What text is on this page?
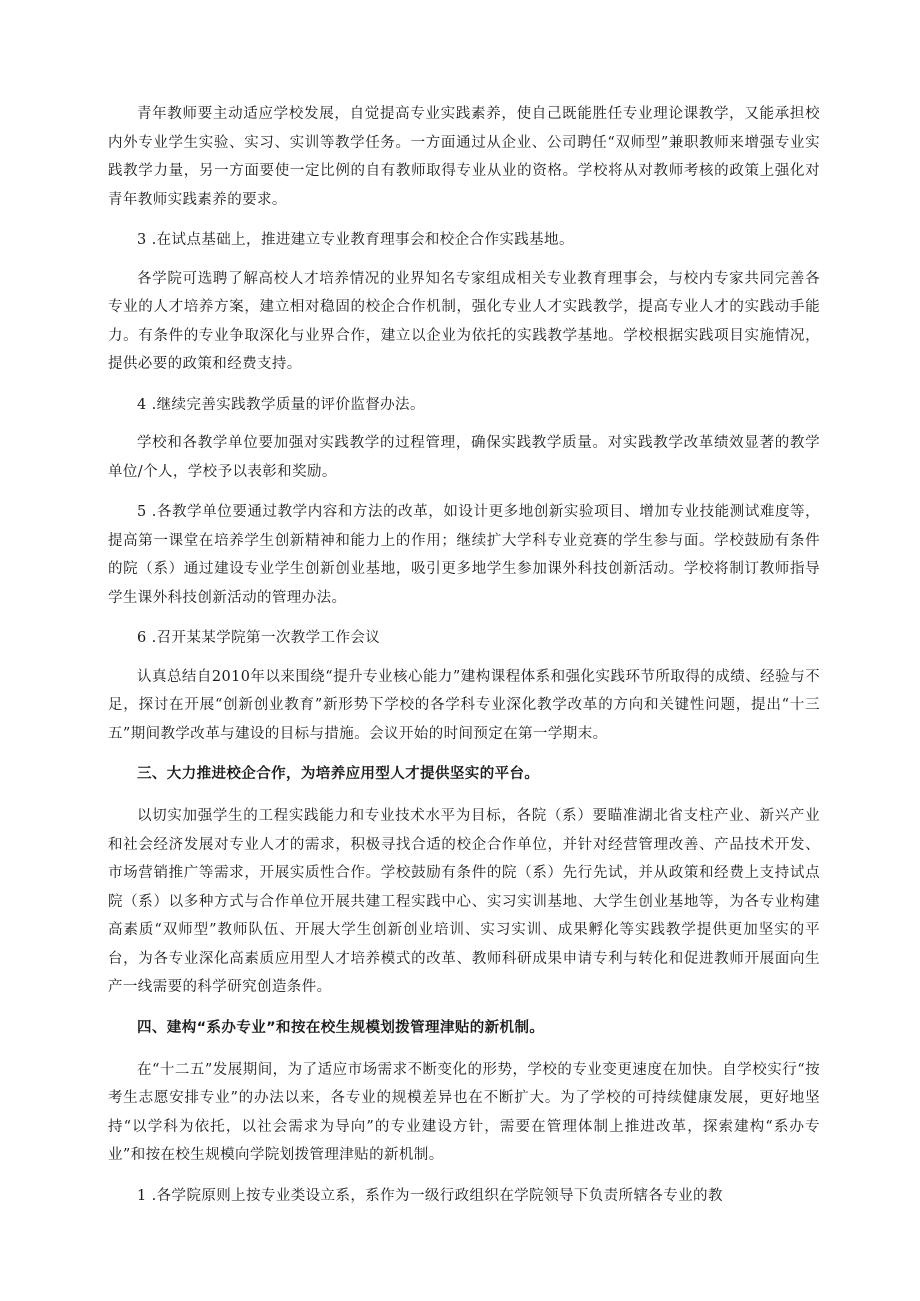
青年教师要主动适应学校发展，自觉提高专业实践素养，使自己既能胜任专业理论课教学，又能承担校内外专业学生实验、实习、实训等教学任务。一方面通过从企业、公司聘任“双师型”兼职教师来增强专业实践教学力量，另一方面要使一定比例的自有教师取得专业从业的资格。学校将从对教师考核的政策上强化对青年教师实践素养的要求。

3 .在试点基础上，推进建立专业教育理事会和校企合作实践基地。

各学院可选聘了解高校人才培养情况的业界知名专家组成相关专业教育理事会，与校内专家共同完善各专业的人才培养方案，建立相对稳固的校企合作机制，强化专业人才实践教学，提高专业人才的实践动手能力。有条件的专业争取深化与业界合作，建立以企业为依托的实践教学基地。学校根据实践项目实施情况，提供必要的政策和经费支持。

4 .继续完善实践教学质量的评价监督办法。

学校和各教学单位要加强对实践教学的过程管理，确保实践教学质量。对实践教学改革绩效显著的教学单位/个人，学校予以表彰和奖励。

5 .各教学单位要通过教学内容和方法的改革，如设计更多地创新实验项目、增加专业技能测试难度等，提高第一课堂在培养学生创新精神和能力上的作用；继续扩大学科专业竞赛的学生参与面。学校鼓励有条件的院（系）通过建设专业学生创新创业基地，吸引更多地学生参加课外科技创新活动。学校将制订教师指导学生课外科技创新活动的管理办法。

6 .召开某某学院第一次教学工作会议

认真总结自2010年以来围绕“提升专业核心能力”建构课程体系和强化实践环节所取得的成绩、经验与不足，探讨在开展“创新创业教育”新形势下学校的各学科专业深化教学改革的方向和关键性问题，提出“十三五”期间教学改革与建设的目标与措施。会议开始的时间预定在第一学期末。

三、大力推进校企合作，为培养应用型人才提供坚实的平台。

以切实加强学生的工程实践能力和专业技术水平为目标，各院（系）要瞄准湖北省支柱产业、新兴产业和社会经济发展对专业人才的需求，积极寻找合适的校企合作单位，并针对经营管理改善、产品技术开发、市场营销推广等需求，开展实质性合作。学校鼓励有条件的院（系）先行先试，并从政策和经费上支持试点院（系）以多种方式与合作单位开展共建工程实践中心、实习实训基地、大学生创业基地等，为各专业构建高素质“双师型”教师队伍、开展大学生创新创业培训、实习实训、成果孵化等实践教学提供更加坚实的平台，为各专业深化高素质应用型人才培养模式的改革、教师科研成果申请专利与转化和促进教师开展面向生产一线需要的科学研究创造条件。

四、建构“系办专业”和按在校生规模划拨管理津贴的新机制。

在“十二五”发展期间，为了适应市场需求不断变化的形势，学校的专业变更速度在加快。自学校实行“按考生志愿安排专业”的办法以来，各专业的规模差异也在不断扩大。为了学校的可持续健康发展，更好地坚持“以学科为依托，以社会需求为导向”的专业建设方针，需要在管理体制上推进改革，探索建构“系办专业”和按在校生规模向学院划拨管理津贴的新机制。

1 .各学院原则上按专业类设立系，系作为一级行政组织在学院领导下负责所辖各专业的教
